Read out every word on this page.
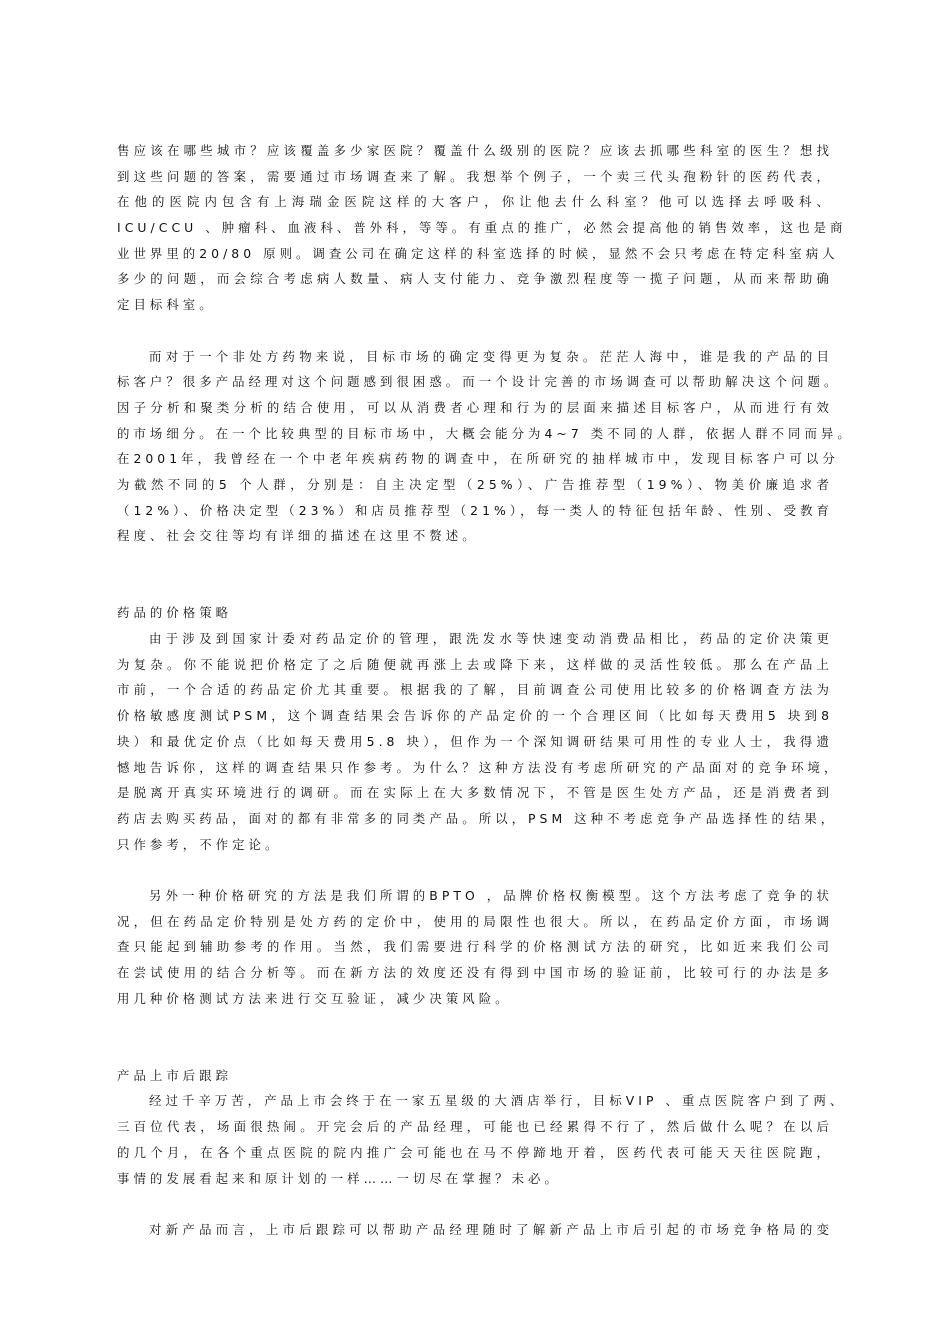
售应该在哪些城市？应该覆盖多少家医院？覆盖什么级别的医院？应该去抓哪些科室的医生？想找
到这些问题的答案，需要通过市场调查来了解。我想举个例子，一个卖三代头孢粉针的医药代表，
在他的医院内包含有上海瑞金医院这样的大客户，你让他去什么科室？他可以选择去呼吸科、
ICU/CCU 、肿瘤科、血液科、普外科，等等。有重点的推广，必然会提高他的销售效率，这也是商
业世界里的20/80 原则。调查公司在确定这样的科室选择的时候，显然不会只考虑在特定科室病人
多少的问题，而会综合考虑病人数量、病人支付能力、竞争激烈程度等一揽子问题，从而来帮助确
定目标科室。
而对于一个非处方药物来说，目标市场的确定变得更为复杂。茫茫人海中，谁是我的产品的目
标客户？很多产品经理对这个问题感到很困惑。而一个设计完善的市场调查可以帮助解决这个问题。
因子分析和聚类分析的结合使用，可以从消费者心理和行为的层面来描述目标客户，从而进行有效
的市场细分。在一个比较典型的目标市场中，大概会能分为4~7 类不同的人群，依据人群不同而异。
在2001年，我曾经在一个中老年疾病药物的调查中，在所研究的抽样城市中，发现目标客户可以分
为截然不同的5 个人群，分别是：自主决定型（25%）、广告推荐型（19%）、物美价廉追求者
（12%）、价格决定型（23%）和店员推荐型（21%），每一类人的特征包括年龄、性别、受教育
程度、社会交往等均有详细的描述在这里不赘述。
药品的价格策略
由于涉及到国家计委对药品定价的管理，跟洗发水等快速变动消费品相比，药品的定价决策更
为复杂。你不能说把价格定了之后随便就再涨上去或降下来，这样做的灵活性较低。那么在产品上
市前，一个合适的药品定价尤其重要。根据我的了解，目前调查公司使用比较多的价格调查方法为
价格敏感度测试PSM，这个调查结果会告诉你的产品定价的一个合理区间（比如每天费用5 块到8
块）和最优定价点（比如每天费用5.8 块），但作为一个深知调研结果可用性的专业人士，我得遗
憾地告诉你，这样的调查结果只作参考。为什么？这种方法没有考虑所研究的产品面对的竞争环境，
是脱离开真实环境进行的调研。而在实际上在大多数情况下，不管是医生处方产品，还是消费者到
药店去购买药品，面对的都有非常多的同类产品。所以，PSM 这种不考虑竞争产品选择性的结果，
只作参考，不作定论。
另外一种价格研究的方法是我们所谓的BPTO ，品牌价格权衡模型。这个方法考虑了竞争的状
况，但在药品定价特别是处方药的定价中，使用的局限性也很大。所以，在药品定价方面，市场调
查只能起到辅助参考的作用。当然，我们需要进行科学的价格测试方法的研究，比如近来我们公司
在尝试使用的结合分析等。而在新方法的效度还没有得到中国市场的验证前，比较可行的办法是多
用几种价格测试方法来进行交互验证，减少决策风险。
产品上市后跟踪
经过千辛万苦，产品上市会终于在一家五星级的大酒店举行，目标VIP 、重点医院客户到了两、
三百位代表，场面很热闹。开完会后的产品经理，可能也已经累得不行了，然后做什么呢？在以后
的几个月，在各个重点医院的院内推广会可能也在马不停蹄地开着，医药代表可能天天往医院跑，
事情的发展看起来和原计划的一样……一切尽在掌握？未必。
对新产品而言，上市后跟踪可以帮助产品经理随时了解新产品上市后引起的市场竞争格局的变
